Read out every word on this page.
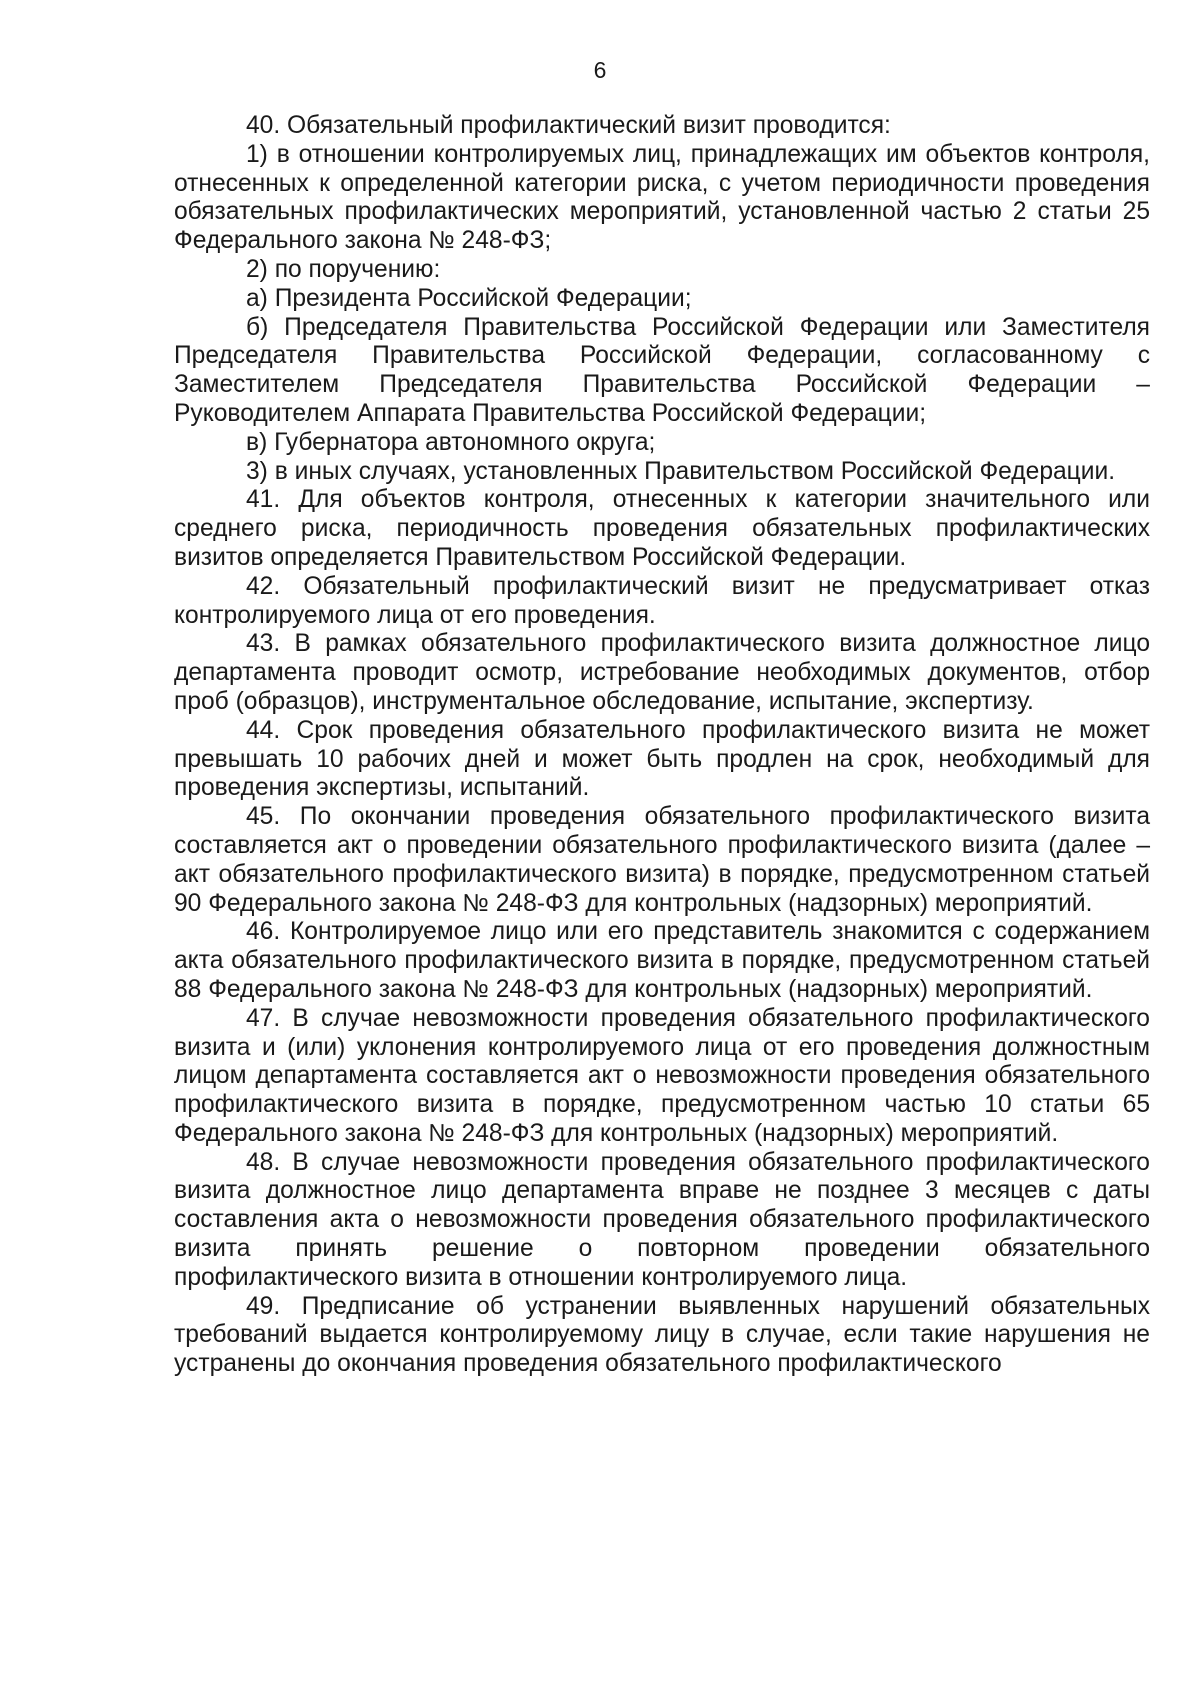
6

40. Обязательный профилактический визит проводится:

1) в отношении контролируемых лиц, принадлежащих им объектов контроля, отнесенных к определенной категории риска, с учетом периодичности проведения обязательных профилактических мероприятий, установленной частью 2 статьи 25 Федерального закона № 248-ФЗ;

2) по поручению:

а) Президента Российской Федерации;

б) Председателя Правительства Российской Федерации или Заместителя Председателя Правительства Российской Федерации, согласованному с Заместителем Председателя Правительства Российской Федерации – Руководителем Аппарата Правительства Российской Федерации;

в) Губернатора автономного округа;

3) в иных случаях, установленных Правительством Российской Федерации.

41. Для объектов контроля, отнесенных к категории значительного или среднего риска, периодичность проведения обязательных профилактических визитов определяется Правительством Российской Федерации.

42. Обязательный профилактический визит не предусматривает отказ контролируемого лица от его проведения.

43. В рамках обязательного профилактического визита должностное лицо департамента проводит осмотр, истребование необходимых документов, отбор проб (образцов), инструментальное обследование, испытание, экспертизу.

44. Срок проведения обязательного профилактического визита не может превышать 10 рабочих дней и может быть продлен на срок, необходимый для проведения экспертизы, испытаний.

45. По окончании проведения обязательного профилактического визита составляется акт о проведении обязательного профилактического визита (далее – акт обязательного профилактического визита) в порядке, предусмотренном статьей 90 Федерального закона № 248-ФЗ для контрольных (надзорных) мероприятий.

46. Контролируемое лицо или его представитель знакомится с содержанием акта обязательного профилактического визита в порядке, предусмотренном статьей 88 Федерального закона № 248-ФЗ для контрольных (надзорных) мероприятий.

47. В случае невозможности проведения обязательного профилактического визита и (или) уклонения контролируемого лица от его проведения должностным лицом департамента составляется акт о невозможности проведения обязательного профилактического визита в порядке, предусмотренном частью 10 статьи 65 Федерального закона № 248-ФЗ для контрольных (надзорных) мероприятий.

48. В случае невозможности проведения обязательного профилактического визита должностное лицо департамента вправе не позднее 3 месяцев с даты составления акта о невозможности проведения обязательного профилактического визита принять решение о повторном проведении обязательного профилактического визита в отношении контролируемого лица.

49. Предписание об устранении выявленных нарушений обязательных требований выдается контролируемому лицу в случае, если такие нарушения не устранены до окончания проведения обязательного профилактического
